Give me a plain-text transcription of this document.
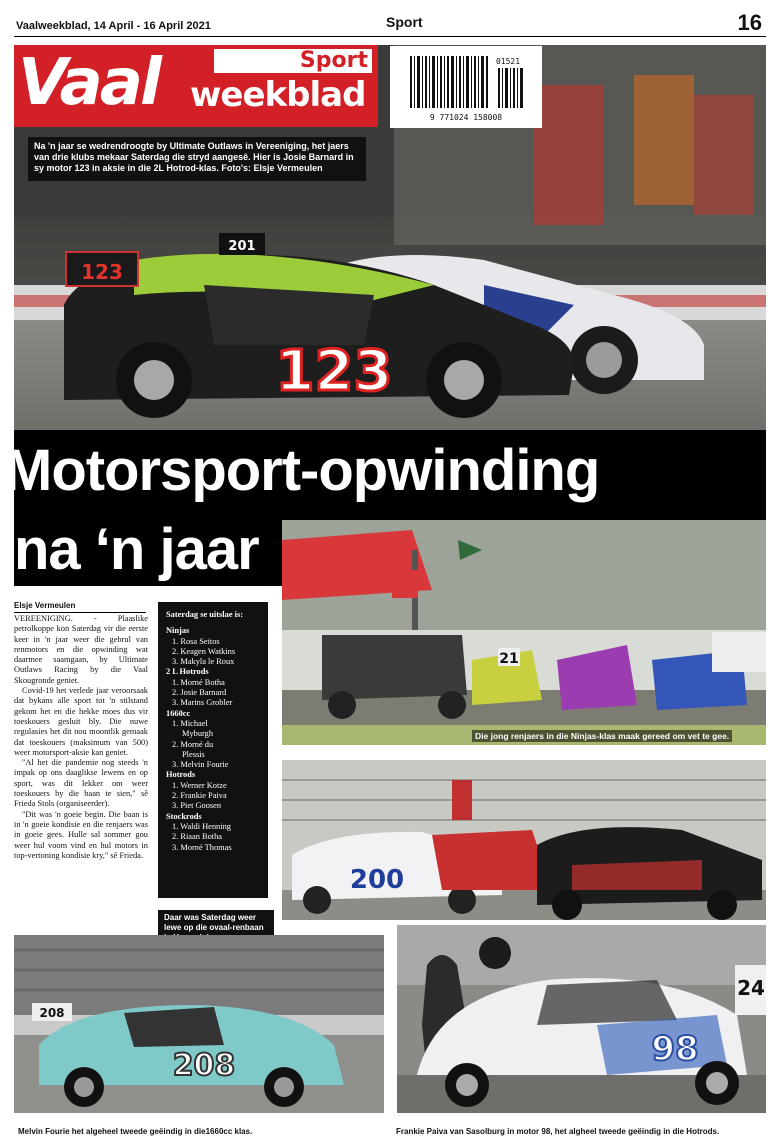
Vaalweekblad, 14 April - 16 April 2021	Sport	16
123
201
123
Vaal	Sport
weekblad
01521
9 771024 158008
Na 'n jaar se wedrendroogte by Ultimate Outlaws in Vereeniging, het jaers van drie klubs mekaar Saterdag die stryd aangesê. Hier is Josie Barnard in sy motor 123 in aksie in die 2L Hotrod-klas. Foto's: Elsje Vermeulen
Motorsport-opwinding
na ‘n jaar
21
Die jong renjaers in die Ninjas-klas maak gereed om vet te gee.
200
Elsje Vermeulen

VEREENIGING. - Plaaslike petrolkoppe kon Saterdag vir die eerste keer in 'n jaar weer die gebrul van renmotors en die opwinding wat daarmee saamgaan, by Ultimate Outlaws Racing by die Vaal Skougronde geniet.

Covid-19 het verlede jaar veroorsaak dat bykans alle sport tot 'n stilstand gekom het en die hekke moes dus vir toeskouers gesluit bly. Die nuwe regulasies het dit nou moontlik gemaak dat toeskouers (maksimum van 500) weer motorsport-aksie kan geniet.

"Al het die pandemie nog steeds 'n impak op ons daaglikse lewens en op sport, was dit lekker om weer toeskouers by die baan te sien," sê Frieda Stols (organiseerder).

"Dit was 'n goeie begin. Die baan is in 'n goeie kondisie en die renjaers was in goeie gees. Hulle sal sommer gou weer hul voom vind en hul motors in top-vertoning kondisie kry," sê Frieda.

Saterdag se uitslae is:
Ninjas
1. Rosa Seitos
2. Keagen Watkins
3. Makyla le Roux
2 L Hotrods
1. Morné Botha
2. Josie Barnard
3. Marins Grobler
1660cc
1. Michael
Myburgh
2. Morné du
Plessis
3. Melvin Fourie
Hotrods
1. Werner Kotze
2. Frankie Paiva
3. Piet Goosen
Stockrods
1. Waldi Henning
2. Riaan Botha
3. Morné Thomas
Daar was Saterdag weer lewe op die ovaal-renbaan
208
208	98
24
Melvin Fourie het algeheel tweede geëindig in die1660cc klas.	Frankie Paiva van Sasolburg in motor 98, het algheel tweede geëindig in die Hotrods.
